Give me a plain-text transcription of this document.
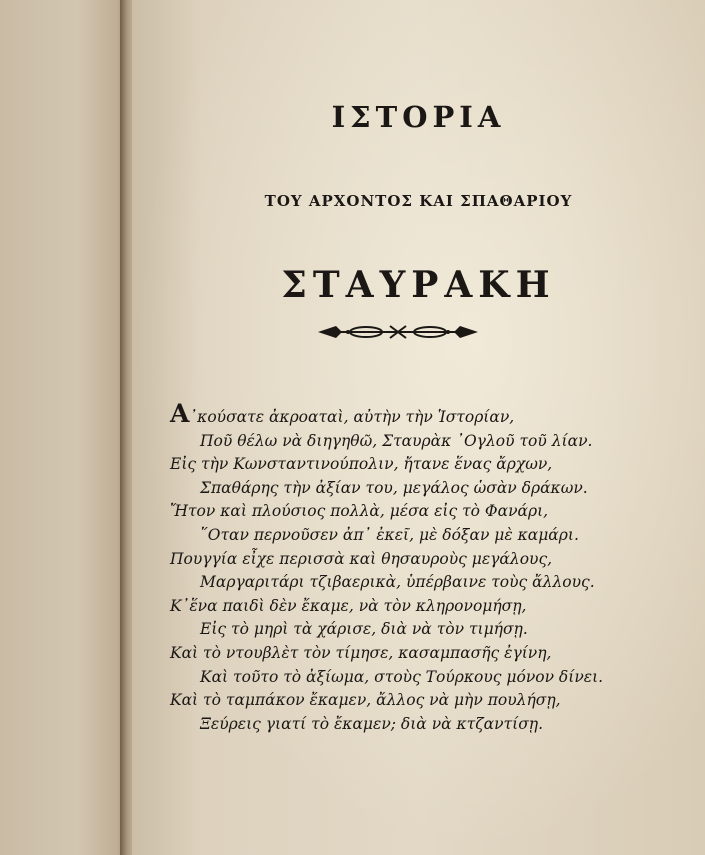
ΙΣΤΟΡΙΑ
ΤΟΥ ΑΡΧΟΝΤΟΣ ΚΑΙ ΣΠΑΘΑΡΙΟΥ
ΣΤΑΥΡΑΚΗ
Α᾿κούσατε ἀκροαταὶ, αὐτὴν τὴν Ἱστορίαν,
Ποῦ θέλω νὰ διηγηθῶ, Σταυρὰκ ᾿Ογλοῦ τοῦ λίαν.
Εἰς τὴν Κωνσταντινούπολιν, ἤτανε ἕνας ἄρχων,
Σπαθάρης τὴν ἀξίαν του, μεγάλος ὡσὰν δράκων.
Ἤτον καὶ πλούσιος πολλὰ, μέσα εἰς τὸ Φανάρι,
῞Οταν περνοῦσεν ἀπ᾿ ἐκεῖ, μὲ δόξαν μὲ καμάρι.
Πουγγία εἶχε περισσὰ καὶ θησαυροὺς μεγάλους,
Μαργαριτάρι τζιβαερικὰ, ὑπέρβαινε τοὺς ἄλλους.
Κ᾿ἕνα παιδὶ δὲν ἔκαμε, νὰ τὸν κληρονομήσῃ,
Εἰς τὸ μηρὶ τὰ χάρισε, διὰ νὰ τὸν τιμήσῃ.
Καὶ τὸ ντουβλὲτ τὸν τίμησε, κασαμπασῆς ἐγίνη,
Καὶ τοῦτο τὸ ἀξίωμα, στοὺς Τούρκους μόνον δίνει.
Καὶ τὸ ταμπάκον ἔκαμεν, ἄλλος νὰ μὴν πουλήσῃ,
Ξεύρεις γιατί τὸ ἔκαμεν; διὰ νὰ κτζαντίσῃ.
